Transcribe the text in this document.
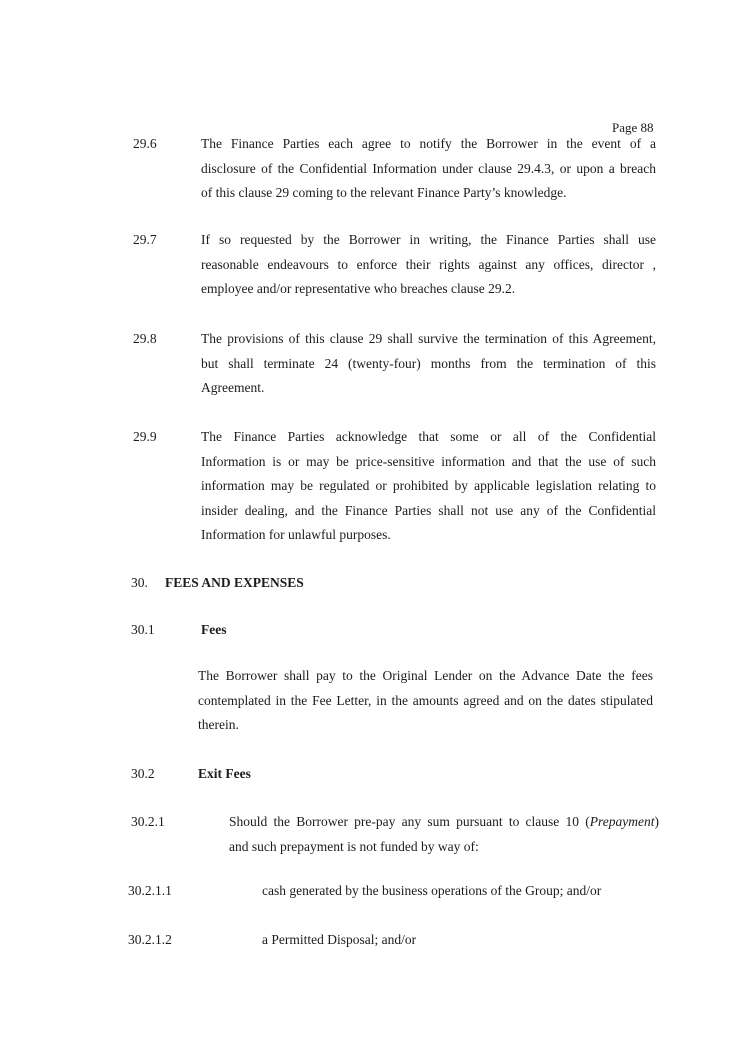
Page 88
29.6	The Finance Parties each agree to notify the Borrower in the event of a
disclosure of the Confidential Information under clause 29.4.3, or upon a breach
of this clause 29 coming to the relevant Finance Party’s knowledge.
29.7	If so requested by the Borrower in writing, the Finance Parties shall use
reasonable endeavours to enforce their rights against any offices, director ,
employee and/or representative who breaches clause 29.2.
29.8	The provisions of this clause 29 shall survive the termination of this Agreement,
but shall terminate 24 (twenty-four) months from the termination of this
Agreement.
29.9	The Finance Parties acknowledge that some or all of the Confidential
Information is or may be price-sensitive information and that the use of such
information may be regulated or prohibited by applicable legislation relating to
insider dealing, and the Finance Parties shall not use any of the Confidential
Information for unlawful purposes.
30. FEES AND EXPENSES
30.1	Fees
The Borrower shall pay to the Original Lender on the Advance Date the fees
contemplated in the Fee Letter, in the amounts agreed and on the dates stipulated
therein.
30.2	Exit Fees
30.2.1	Should the Borrower pre-pay any sum pursuant to clause 10 (Prepayment)
and such prepayment is not funded by way of:
30.2.1.1	cash generated by the business operations of the Group; and/or
30.2.1.2	a Permitted Disposal; and/or
